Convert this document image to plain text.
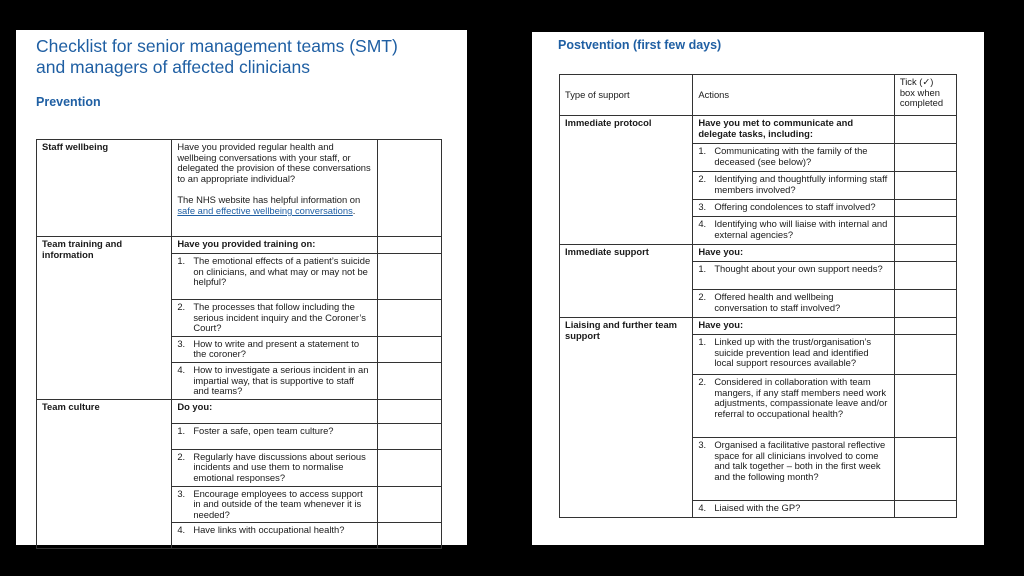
Checklist for senior management teams (SMT)
and managers of affected clinicians
Prevention
Staff wellbeing	Have you provided regular health and wellbeing conversations with your staff, or delegated the provision of these conversations to an appropriate individual?
The NHS website has helpful information on safe and effective wellbeing conversations.	

Team training and information	Have you provided training on:	

	1. The emotional effects of a patient’s suicide on clinicians, and what may or may not be helpful?	

	2. The processes that follow including the serious incident inquiry and the Coroner’s Court?	

	3. How to write and present a statement to the coroner?	

	4. How to investigate a serious incident in an impartial way, that is supportive to staff and teams?	

Team culture	Do you:	

	1. Foster a safe, open team culture?	

	2. Regularly have discussions about serious incidents and use them to normalise emotional responses?	

	3. Encourage employees to access support in and outside of the team whenever it is needed?	

	4. Have links with occupational health?	

Postvention (first few days)
Type of support	Actions	Tick (✓) box when completed
Immediate protocol	Have you met to communicate and delegate tasks, including:	

	1. Communicating with the family of the deceased (see below)?	

	2. Identifying and thoughtfully informing staff members involved?	

	3. Offering condolences to staff involved?	

	4. Identifying who will liaise with internal and external agencies?	

Immediate support	Have you:	

	1. Thought about your own support needs?	

	2. Offered health and wellbeing conversation to staff involved?	

Liaising and further team support	Have you:	

	1. Linked up with the trust/organisation’s suicide prevention lead and identified local support resources available?	

	2. Considered in collaboration with team mangers, if any staff members need work adjustments, compassionate leave and/or referral to occupational health?	

	3. Organised a facilitative pastoral reflective space for all clinicians involved to come and talk together – both in the first week and the following month?	

	4. Liaised with the GP?	
